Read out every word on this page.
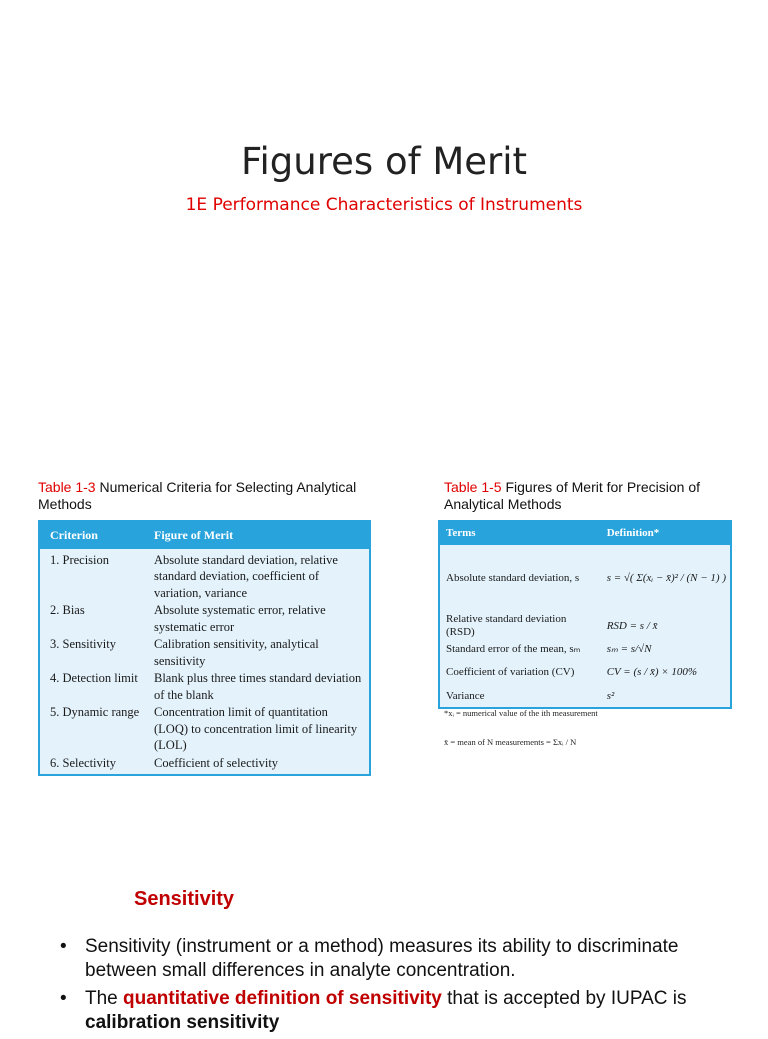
Figures of Merit
1E Performance Characteristics of Instruments
Table 1-3 Numerical Criteria for Selecting Analytical Methods
Criterion	Figure of Merit
1. Precision	Absolute standard deviation, relative standard deviation, coefficient of variation, variance
2. Bias	Absolute systematic error, relative systematic error
3. Sensitivity	Calibration sensitivity, analytical sensitivity
4. Detection limit	Blank plus three times standard deviation of the blank
5. Dynamic range	Concentration limit of quantitation (LOQ) to concentration limit of linearity (LOL)
6. Selectivity	Coefficient of selectivity
Table 1-5 Figures of Merit for Precision of Analytical Methods
Terms	Definition*
Absolute standard deviation, s	s = √( Σ(xᵢ − x̄)² / (N − 1) )
Relative standard deviation (RSD)	RSD = s / x̄
Standard error of the mean, sₘ	sₘ = s/√N
Coefficient of variation (CV)	CV = (s / x̄) × 100%
Variance	s²
*xᵢ = numerical value of the ith measurement
x̄ = mean of N measurements = Σxᵢ / N
Sensitivity
• Sensitivity (instrument or a method) measures its ability to discriminate between small differences in analyte concentration.
• The quantitative definition of sensitivity that is accepted by IUPAC is calibration sensitivity
